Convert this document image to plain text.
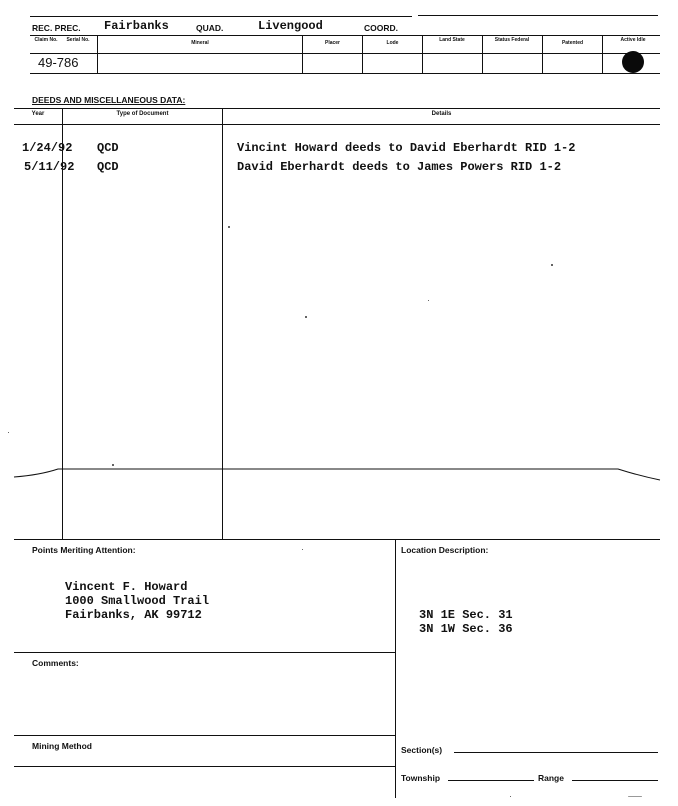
REC. PREC. Fairbanks	QUAD.	Livengood	COORD.
Claim No.	Serial No.	Mineral	Placer	Lode	Land State	Status Federal	Patented	Active Idle
49-786
DEEDS AND MISCELLANEOUS DATA:
Year	Type of Document	Details
1/24/92 QCD	Vincint Howard deeds to David Eberhardt RID 1-2
5/11/92 QCD	David Eberhardt deeds to James Powers RID 1-2
Points Meriting Attention:
Vincent F. Howard
1000 Smallwood Trail
Fairbanks, AK 99712
Location Description:
3N 1E Sec. 31
3N 1W Sec. 36
Comments:
Mining Method	Section(s)
Township	Range
